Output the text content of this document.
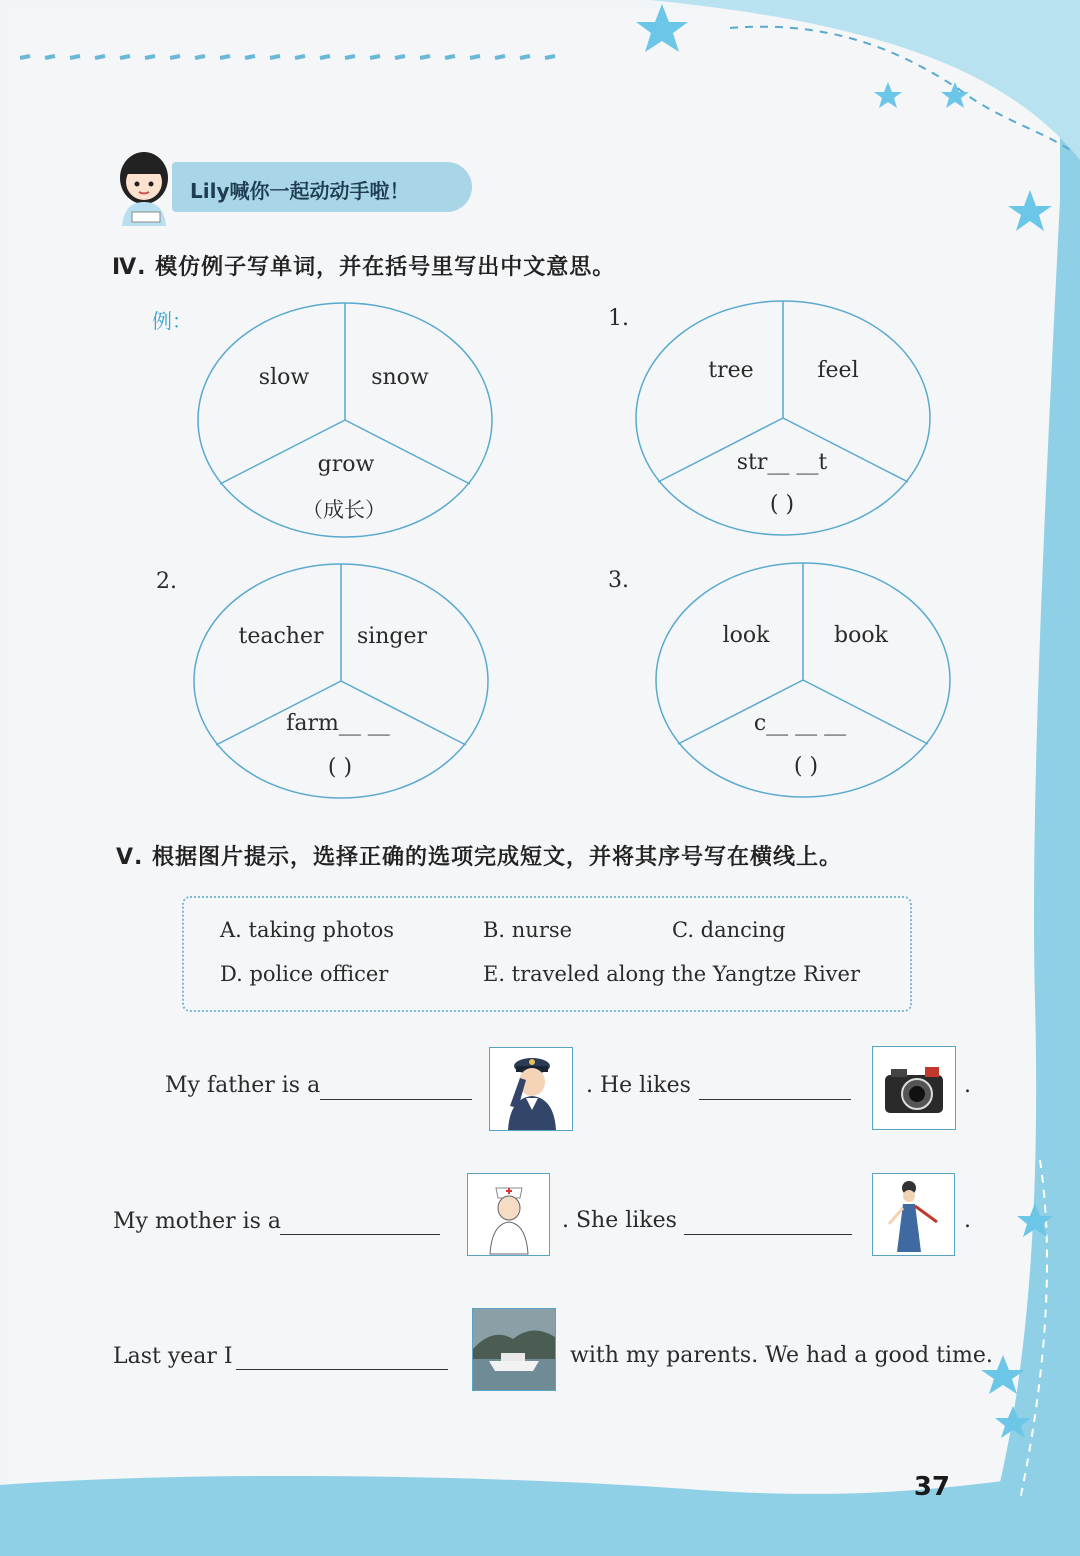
Lily喊你一起动动手啦！
Ⅳ. 模仿例子写单词，并在括号里写出中文意思。
例：
slow	snow
grow
（成长）
1.
tree	feel
str__ __t
( )
2.
teacher singer
farm__ __
( )
3.
look	book
c__ __ __
( )
Ⅴ. 根据图片提示，选择正确的选项完成短文，并将其序号写在横线上。
A. taking photos	B. nurse	C. dancing
D. police officer	E. traveled along the Yangtze River
My father is a	. He likes	.
My mother is a	. She likes	.
Last year I	with my parents. We had a good time.
37
